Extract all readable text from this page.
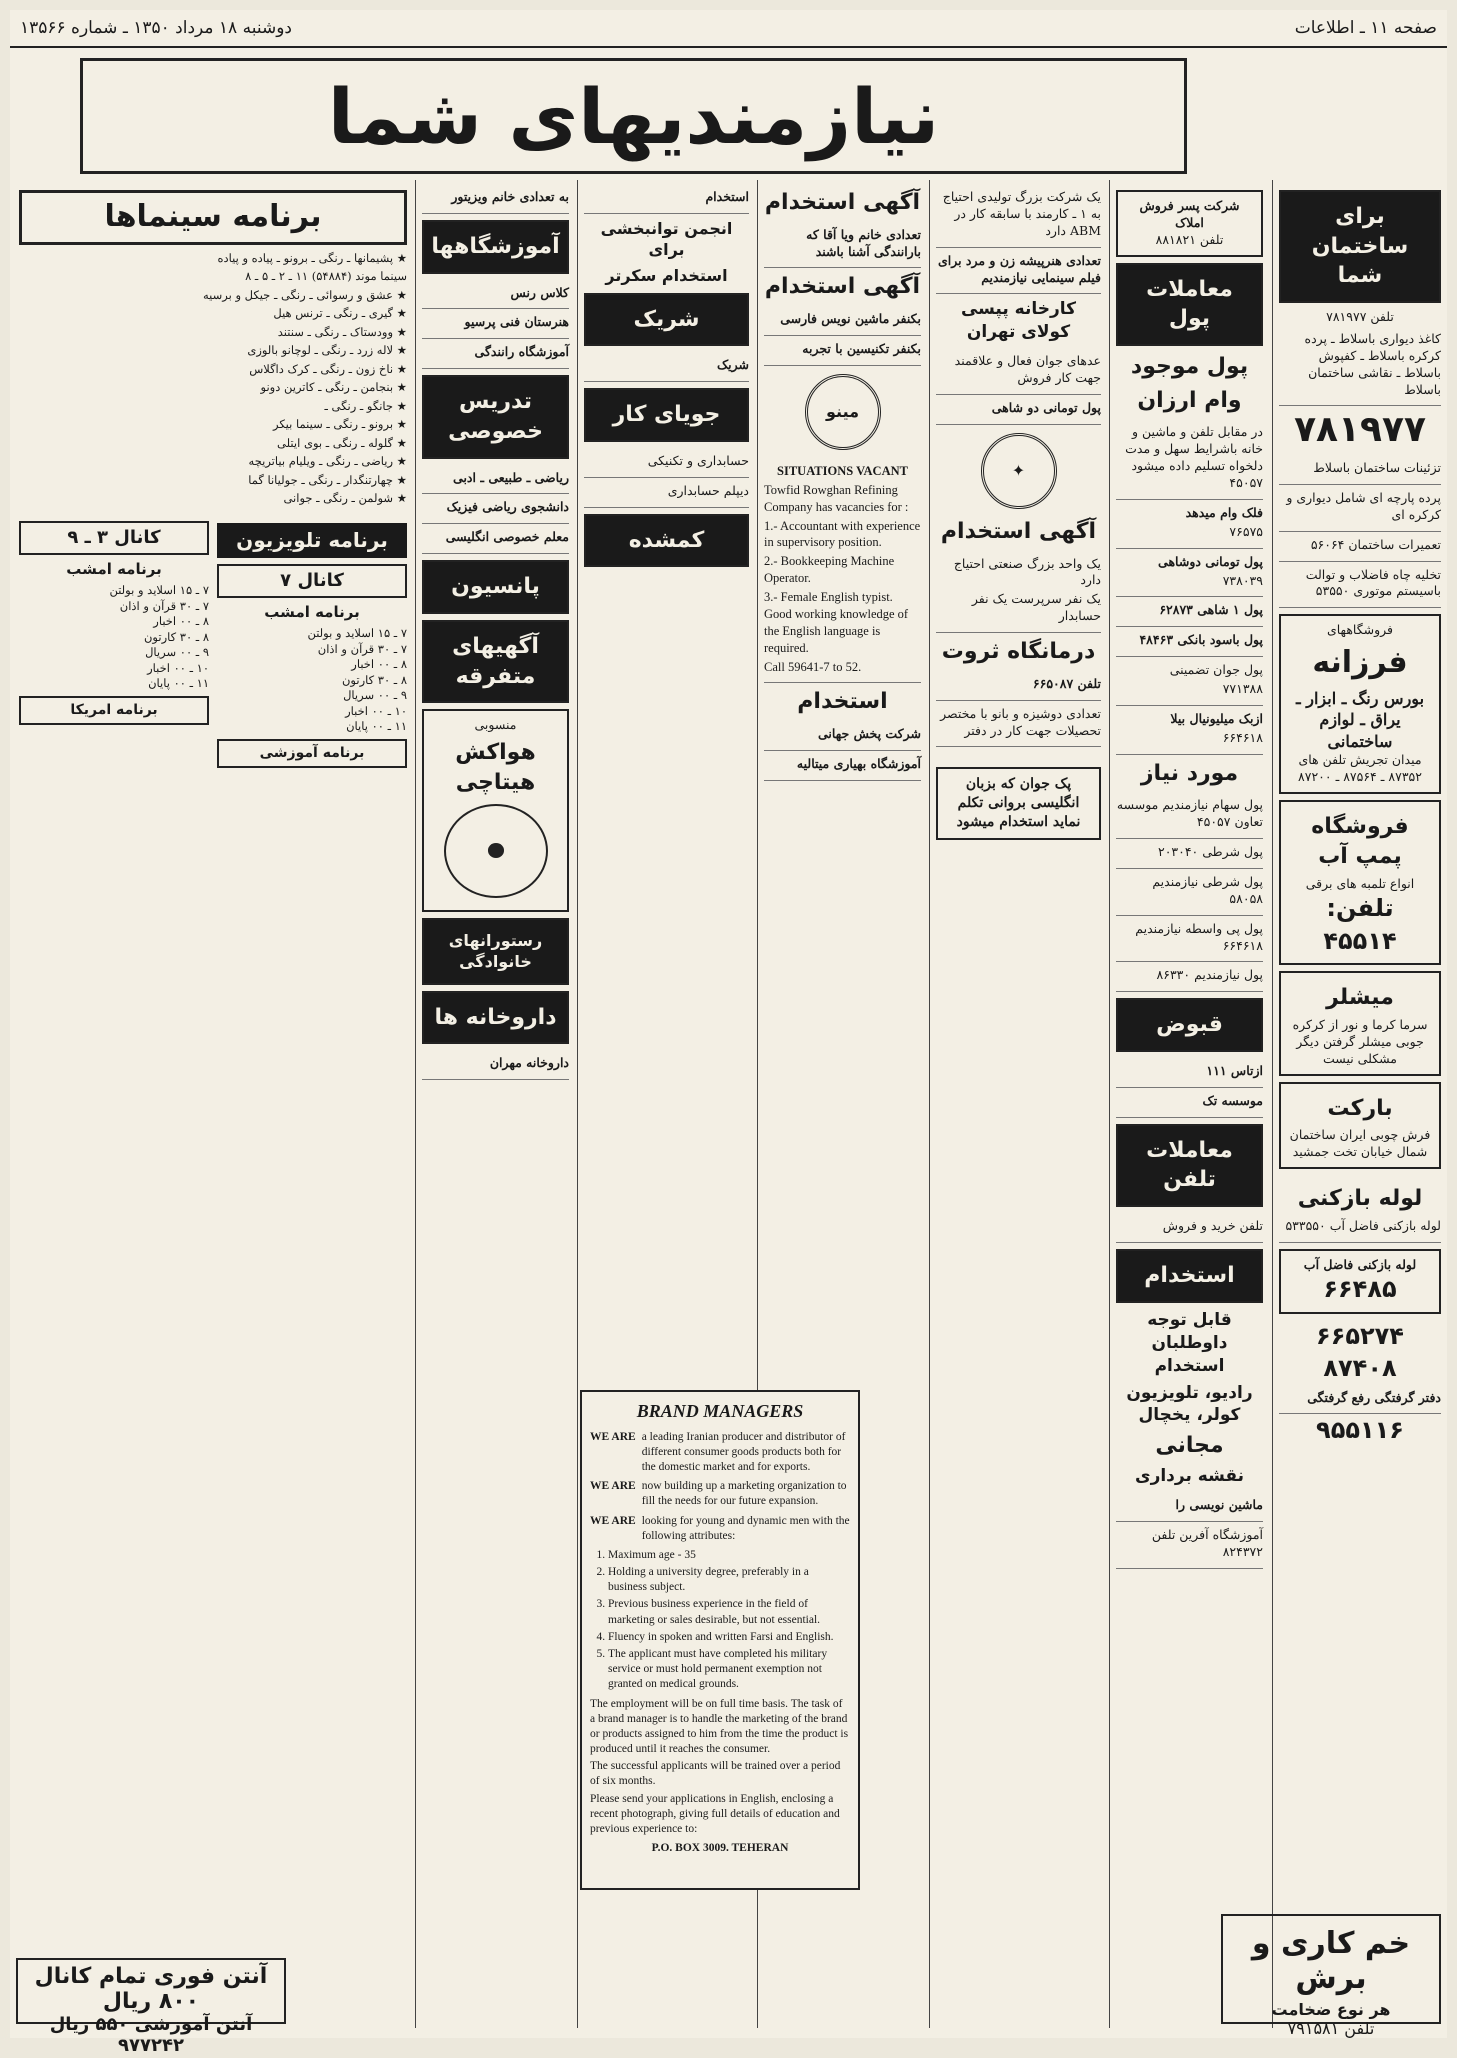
صفحه ۱۱ ـ اطلاعات
دوشنبه ۱۸ مرداد ۱۳۵۰ ـ شماره ۱۳۵۶۶
نیازمندیهای شما
برای ساختمان شما
تلفن ۷۸۱۹۷۷

کاغذ دیواری باسلاط ـ پرده کرکره باسلاط ـ کفپوش باسلاط ـ نقاشی ساختمان باسلاط

۷۸۱۹۷۷

تزئینات ساختمان باسلاط

پرده پارچه ای شامل دیواری و کرکره ای

تعمیرات ساختمان ۵۶۰۶۴

تخلیه چاه فاضلاب و توالت باسیستم موتوری ۵۳۵۵۰

فروشگاههای
فرزانه
بورس رنگ ـ ابزار ـ یراق ـ لوازم ساختمانی
میدان تجریش تلفن های ۸۷۳۵۲ ـ ۸۷۵۶۴ ـ ۸۷۲۰۰
فروشگاه پمپ آب
انواع تلمبه های برقی
تلفن: ۴۵۵۱۴
میشلر
سرما کرما و نور از کرکره جوبی میشلر گرفتن دیگر مشکلی نیست
بارکت
فرش چوبی ایران ساختمان شمال خیابان تخت جمشید
لوله بازکنی

لوله بازکنی فاضل آب ۵۳۳۵۵۰

لوله بازکنی فاضل آب
۶۶۴۸۵
۶۶۵۲۷۴
۸۷۴۰۸

دفتر گرفتگی رفع گرفتگی

۹۵۵۱۱۶
شرکت پسر فروش املاک
تلفن ۸۸۱۸۲۱
معاملات پول
پول موجود
وام ارزان

در مقابل تلفن و ماشین و خانه باشرایط سهل و مدت دلخواه تسلیم داده میشود ۴۵۰۵۷

فلک وام میدهد

۷۶۵۷۵

پول تومانی دوشاهی

۷۳۸۰۳۹

پول ۱ شاهی ۶۲۸۷۳

پول باسود بانکی ۴۸۴۶۳

پول جوان تضمینی

۷۷۱۳۸۸

ازبک میلیونیال بیلا

۶۶۴۶۱۸

مورد نیاز

پول سهام نیازمندیم موسسه تعاون ۴۵۰۵۷

پول شرطی ۲۰۳۰۴۰

پول شرطی نیازمندیم ۵۸۰۵۸

پول پی واسطه نیازمندیم ۶۶۴۶۱۸

پول نیازمندیم ۸۶۳۳۰

قبوض

ازتاس ۱۱۱

موسسه تک

معاملات تلفن

تلفن خرید و فروش

استخدام
قابل توجه داوطلبان استخدام
رادیو، تلویزیون کولر، یخچال
مجانی
نقشه برداری

ماشین نویسی را

آموزشگاه آفرین تلفن ۸۲۴۳۷۲

یک شرکت بزرگ تولیدی احتیاج به ۱ ـ کارمند با سابقه کار در ABM دارد

تعدادی هنرپیشه زن و مرد برای فیلم سینمایی نیازمندیم

کارخانه پپسی کولای تهران

عدهای جوان فعال و علاقمند جهت کار فروش

پول تومانی دو شاهی

✦
آگهی استخدام

یک واحد بزرگ صنعتی احتیاج دارد

یک نفر سرپرست یک نفر حسابدار

درمانگاه ثروت

تلفن ۶۶۵۰۸۷

تعدادی دوشیزه و بانو با مختصر تحصیلات جهت کار در دفتر

پک جوان که بزبان انگلیسی بروانی تکلم نماید استخدام میشود

آگهی استخدام

تعدادی خانم ویا آقا که بارانندگی آشنا باشند

آگهی استخدام

بکنفر ماشین نویس فارسی

بکنفر تکنیسین با تجربه

مینو

SITUATIONS VACANT

Towfid Rowghan Refining Company has vacancies for :

1.- Accountant with experience in supervisory position.

2.- Bookkeeping Machine Operator.

3.- Female English typist. Good working knowledge of the English language is required.

Call 59641-7 to 52.

استخدام

شرکت پخش جهانی

آموزشگاه بهیاری میتالیه

استخدام

انجمن توانبخشی برای
استخدام سکرتر
شریک

شریک

جویای کار

حسابداری و تکنیکی

دیپلم حسابداری

کمشده

به تعدادی خانم ویزیتور

آموزشگاهها

کلاس رنس

هنرستان فنی پرسیو

آموزشگاه رانندگی

تدریس خصوصی

ریاضی ـ طبیعی ـ ادبی

دانشجوی ریاضی فیزیک

معلم خصوصی انگلیسی

پانسیون
آگهیهای متفرقه
منسوبی
هواکش هیتاچی
رستورانهای خانوادگی
داروخانه ها

داروخانه مهران

برنامه سینماها

★ پشیمانها ـ رنگی ـ برونو ـ پیاده و پیاده

سینما موند (۵۴۸۸۴) ۱۱ ـ ۲ ـ ۵ ـ ۸

★ عشق و رسوائی ـ رنگی ـ جیکل و برسیه

★ گیری ـ رنگی ـ ترنس هیل

★ وودستاک ـ رنگی ـ سنتند

★ لاله زرد ـ رنگی ـ لوچانو بالوزی

★ ناخ زون ـ رنگی ـ کرک داگلاس

★ بنجامن ـ رنگی ـ کاترین دونو

★ جانگو ـ رنگی ـ

★ برونو ـ رنگی ـ سینما بیکر

★ گلوله ـ رنگی ـ بوی ایتلی

★ ریاضی ـ رنگی ـ ویلیام بیاتریچه

★ چهارتنگدار ـ رنگی ـ جولیانا گما

★ شولمن ـ رنگی ـ جوانی

برنامه تلویزیون
کانال ۷
برنامه امشب
۷ ـ ۱۵ اسلاید و بولتن
۷ ـ ۳۰ قرآن و اذان
۸ ـ ۰۰ اخبار
۸ ـ ۳۰ کارتون
۹ ـ ۰۰ سریال
۱۰ ـ ۰۰ اخبار
۱۱ ـ ۰۰ پایان
برنامه آموزشی
کانال ۳ ـ ۹
برنامه امشب
۷ ـ ۱۵ اسلاید و بولتن
۷ ـ ۳۰ قرآن و اذان
۸ ـ ۰۰ اخبار
۸ ـ ۳۰ کارتون
۹ ـ ۰۰ سریال
۱۰ ـ ۰۰ اخبار
۱۱ ـ ۰۰ پایان
برنامه امریکا
BRAND MANAGERS
WE ARE a leading Iranian producer and distributor of different consumer goods products both for the domestic market and for exports.
WE ARE now building up a marketing organization to fill the needs for our future expansion.
WE ARE looking for young and dynamic men with the following attributes:
1. Maximum age - 35
2. Holding a university degree, preferably in a business subject.
3. Previous business experience in the field of marketing or sales desirable, but not essential.
4. Fluency in spoken and written Farsi and English.
5. The applicant must have completed his military service or must hold permanent exemption not granted on medical grounds.

The employment will be on full time basis. The task of a brand manager is to handle the marketing of the brand or products assigned to him from the time the product is produced until it reaches the consumer.

The successful applicants will be trained over a period of six months.

Please send your applications in English, enclosing a recent photograph, giving full details of education and previous experience to:

P.O. BOX 3009. TEHERAN
آنتن فوری تمام کانال ۸۰۰ ریال
آنتن آموزشی ۵۵۰ ریال
۹۷۷۲۴۲
خم کاری و برش
هر نوع ضخامت
تلفن ۷۹۱۵۸۱
